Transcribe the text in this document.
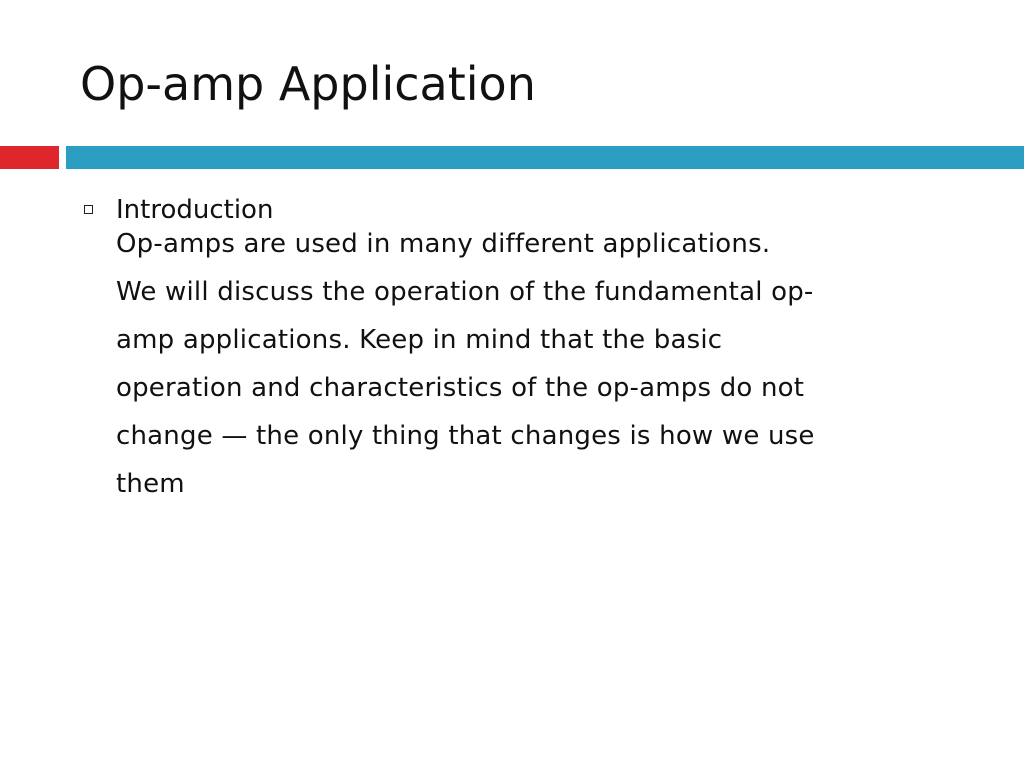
Op-amp Application
Introduction
Op-amps are used in many different applications.
We will discuss the operation of the fundamental op-
amp applications. Keep in mind that the basic
operation and characteristics of the op-amps do not
change — the only thing that changes is how we use
them
